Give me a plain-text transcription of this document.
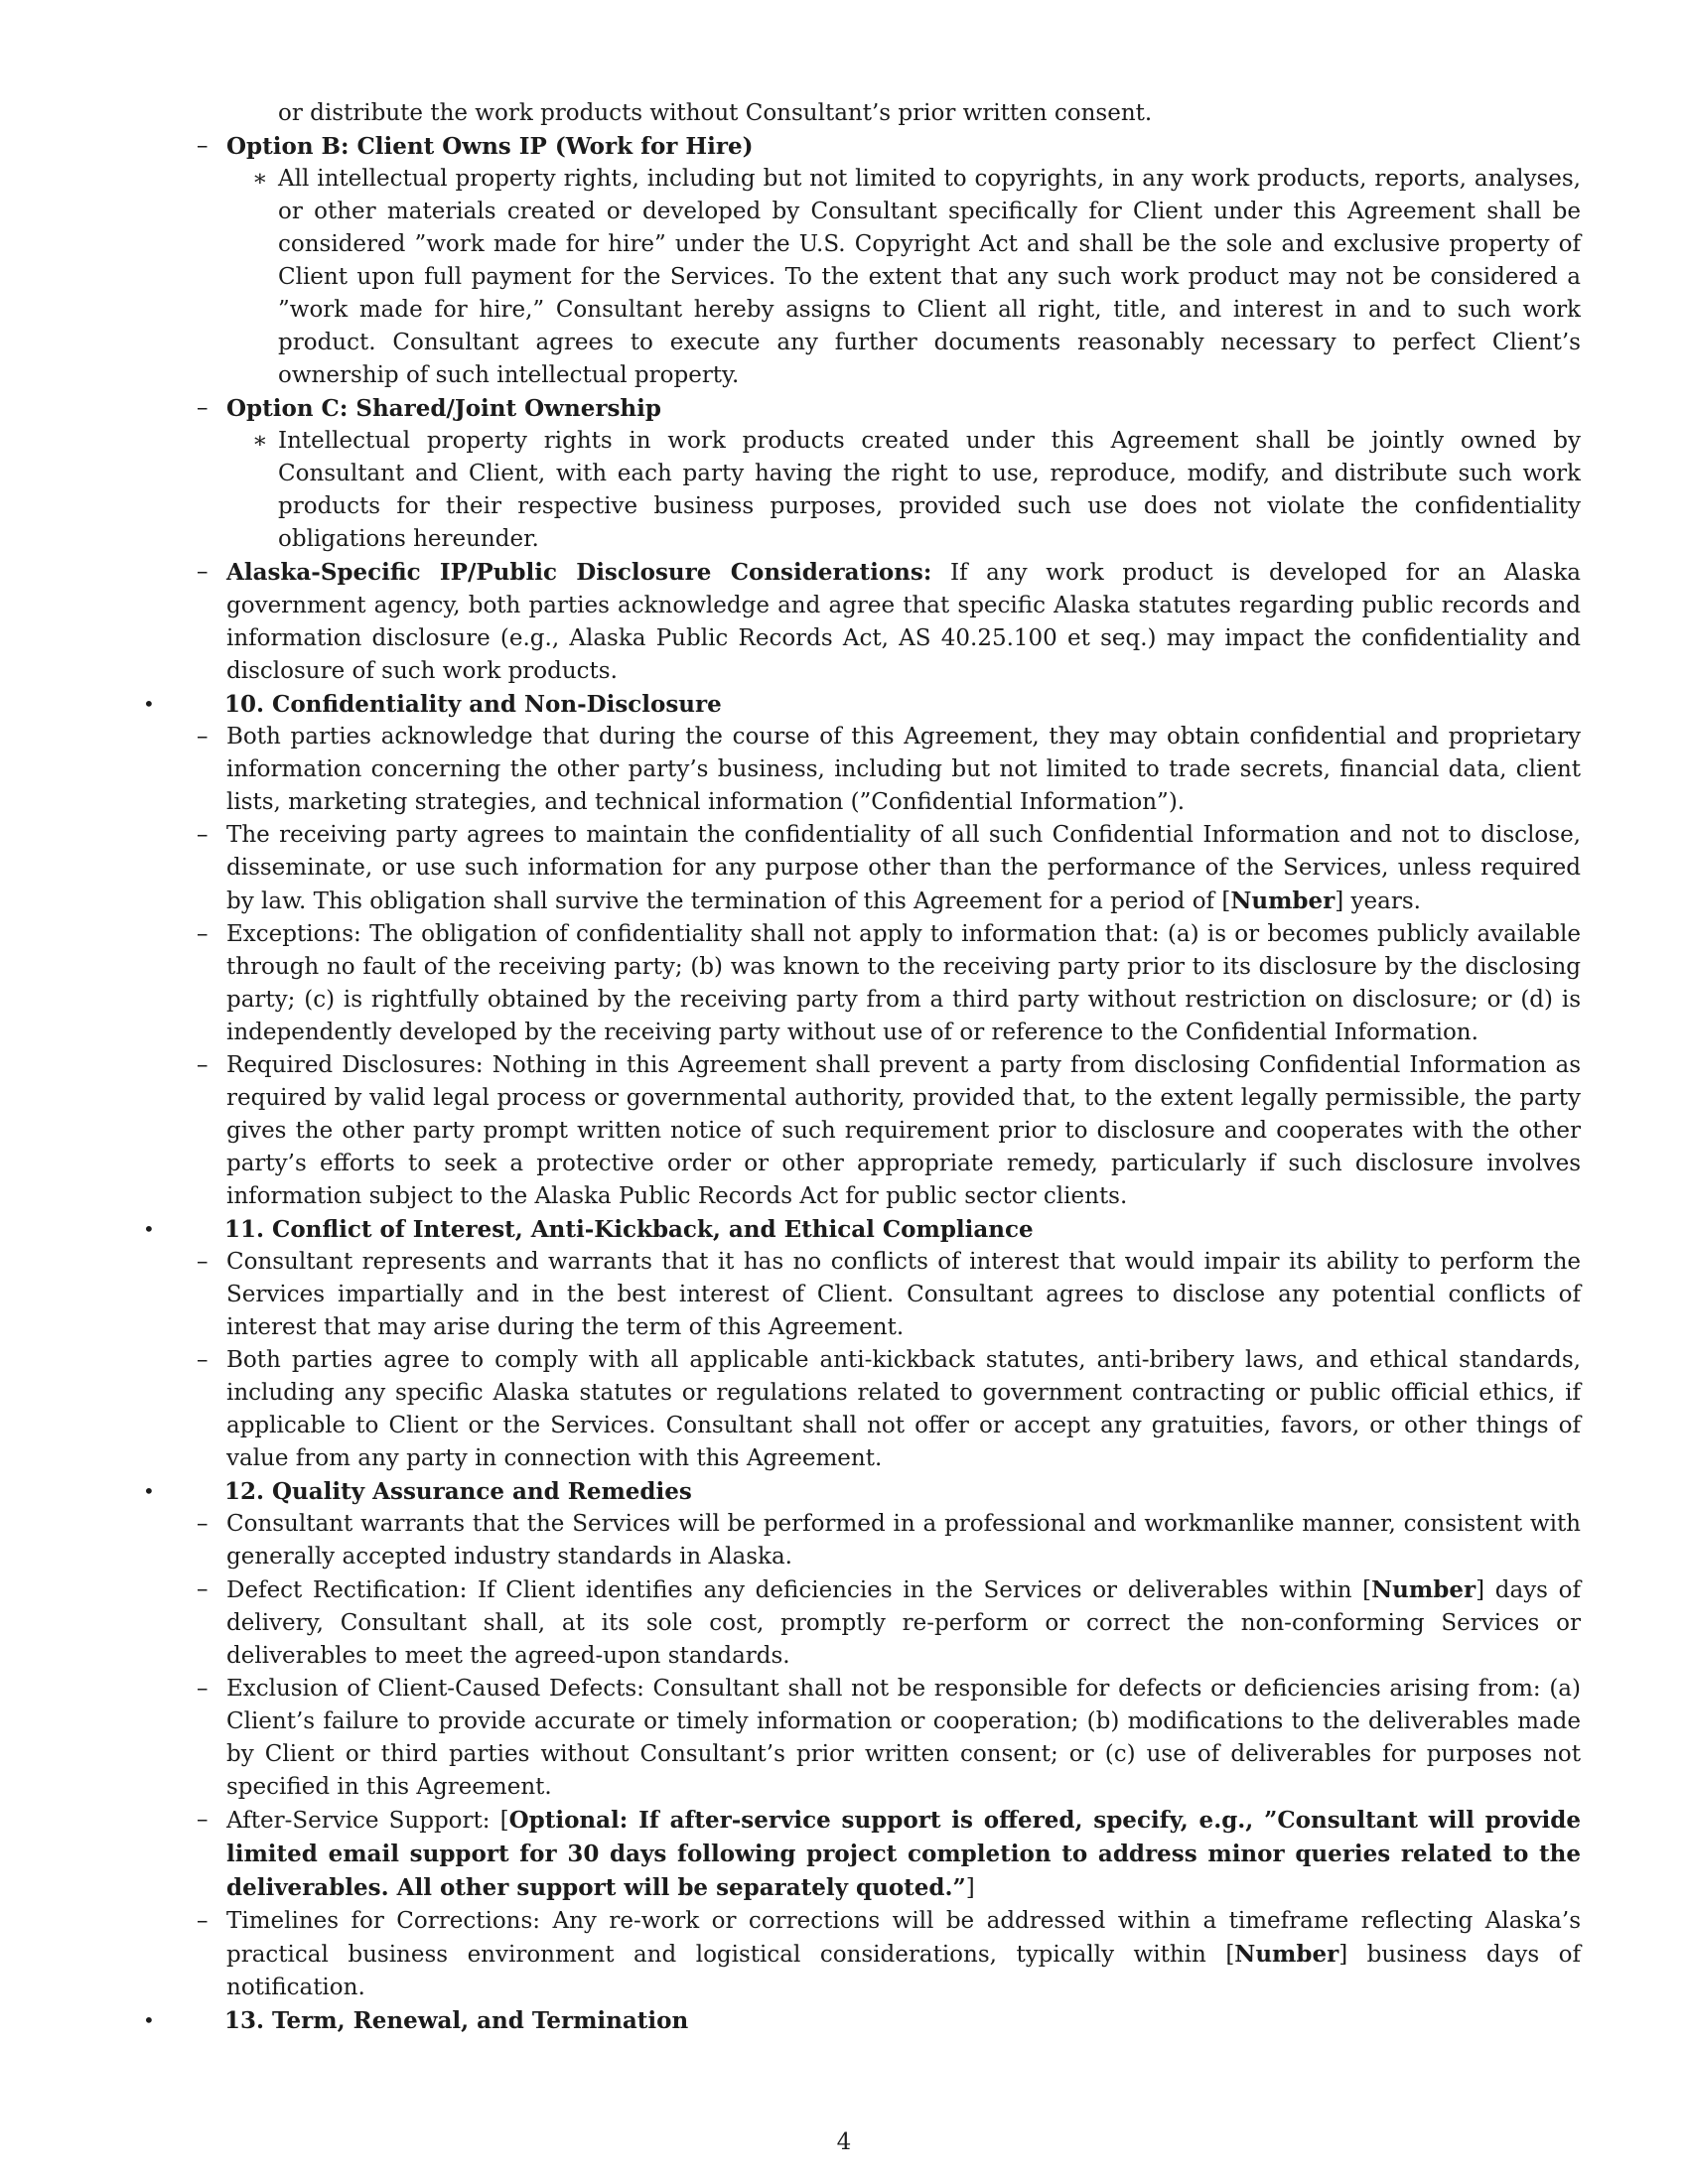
or distribute the work products without Consultant’s prior written consent.
– Option B: Client Owns IP (Work for Hire)
∗ All intellectual property rights, including but not limited to copyrights, in any work products, reports, analyses, or other materials created or developed by Consultant specifically for Client under this Agreement shall be considered ”work made for hire” under the U.S. Copyright Act and shall be the sole and exclusive property of Client upon full payment for the Services. To the extent that any such work product may not be considered a ”work made for hire,” Consultant hereby assigns to Client all right, title, and interest in and to such work product. Consultant agrees to execute any further documents reasonably necessary to perfect Client’s ownership of such intellectual property.
– Option C: Shared/Joint Ownership
∗ Intellectual property rights in work products created under this Agreement shall be jointly owned by Consultant and Client, with each party having the right to use, reproduce, modify, and distribute such work products for their respective business purposes, provided such use does not violate the confidentiality obligations hereunder.
– Alaska-Specific IP/Public Disclosure Considerations: If any work product is developed for an Alaska government agency, both parties acknowledge and agree that specific Alaska statutes regarding public records and information disclosure (e.g., Alaska Public Records Act, AS 40.25.100 et seq.) may impact the confidentiality and disclosure of such work products.
•	10. Confidentiality and Non-Disclosure
– Both parties acknowledge that during the course of this Agreement, they may obtain confidential and proprietary information concerning the other party’s business, including but not limited to trade secrets, financial data, client lists, marketing strategies, and technical information (”Confidential Information”).
– The receiving party agrees to maintain the confidentiality of all such Confidential Information and not to disclose, disseminate, or use such information for any purpose other than the performance of the Services, unless required by law. This obligation shall survive the termination of this Agreement for a period of [Number] years.
– Exceptions: The obligation of confidentiality shall not apply to information that: (a) is or becomes publicly available through no fault of the receiving party; (b) was known to the receiving party prior to its disclosure by the disclosing party; (c) is rightfully obtained by the receiving party from a third party without restriction on disclosure; or (d) is independently developed by the receiving party without use of or reference to the Confidential Information.
– Required Disclosures: Nothing in this Agreement shall prevent a party from disclosing Confidential Information as required by valid legal process or governmental authority, provided that, to the extent legally permissible, the party gives the other party prompt written notice of such requirement prior to disclosure and cooperates with the other party’s efforts to seek a protective order or other appropriate remedy, particularly if such disclosure involves information subject to the Alaska Public Records Act for public sector clients.
•	11. Conflict of Interest, Anti-Kickback, and Ethical Compliance
– Consultant represents and warrants that it has no conflicts of interest that would impair its ability to perform the Services impartially and in the best interest of Client. Consultant agrees to disclose any potential conflicts of interest that may arise during the term of this Agreement.
– Both parties agree to comply with all applicable anti-kickback statutes, anti-bribery laws, and ethical standards, including any specific Alaska statutes or regulations related to government contracting or public official ethics, if applicable to Client or the Services. Consultant shall not offer or accept any gratuities, favors, or other things of value from any party in connection with this Agreement.
•	12. Quality Assurance and Remedies
– Consultant warrants that the Services will be performed in a professional and workmanlike manner, consistent with generally accepted industry standards in Alaska.
– Defect Rectification: If Client identifies any deficiencies in the Services or deliverables within [Number] days of delivery, Consultant shall, at its sole cost, promptly re-perform or correct the non-conforming Services or deliverables to meet the agreed-upon standards.
– Exclusion of Client-Caused Defects: Consultant shall not be responsible for defects or deficiencies arising from: (a) Client’s failure to provide accurate or timely information or cooperation; (b) modifications to the deliverables made by Client or third parties without Consultant’s prior written consent; or (c) use of deliverables for purposes not specified in this Agreement.
– After-Service Support: [Optional: If after-service support is offered, specify, e.g., ”Consultant will provide limited email support for 30 days following project completion to address minor queries related to the deliverables. All other support will be separately quoted.”]
– Timelines for Corrections: Any re-work or corrections will be addressed within a timeframe reflecting Alaska’s practical business environment and logistical considerations, typically within [Number] business days of notification.
•	13. Term, Renewal, and Termination
4
